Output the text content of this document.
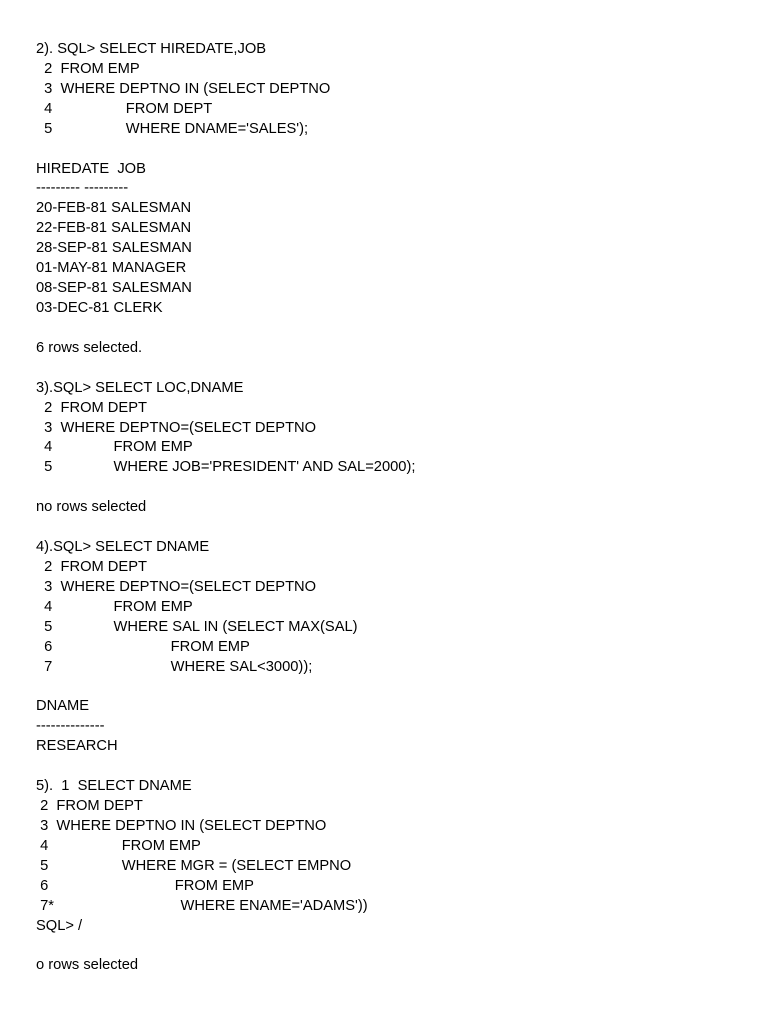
2). SQL> SELECT HIREDATE,JOB
2  FROM EMP
3  WHERE DEPTNO IN (SELECT DEPTNO
4                  FROM DEPT
5                  WHERE DNAME='SALES');
HIREDATE  JOB
--------- ---------
20-FEB-81 SALESMAN
22-FEB-81 SALESMAN
28-SEP-81 SALESMAN
01-MAY-81 MANAGER
08-SEP-81 SALESMAN
03-DEC-81 CLERK
6 rows selected.
3).SQL> SELECT LOC,DNAME
2  FROM DEPT
3  WHERE DEPTNO=(SELECT DEPTNO
4               FROM EMP
5               WHERE JOB='PRESIDENT' AND SAL=2000);
no rows selected
4).SQL> SELECT DNAME
2  FROM DEPT
3  WHERE DEPTNO=(SELECT DEPTNO
4               FROM EMP
5               WHERE SAL IN (SELECT MAX(SAL)
6                             FROM EMP
7                             WHERE SAL<3000));
DNAME
--------------
RESEARCH
5).  1  SELECT DNAME
2  FROM DEPT
3  WHERE DEPTNO IN (SELECT DEPTNO
4                  FROM EMP
5                  WHERE MGR = (SELECT EMPNO
6                               FROM EMP
7*                               WHERE ENAME='ADAMS'))
SQL> /
o rows selected
